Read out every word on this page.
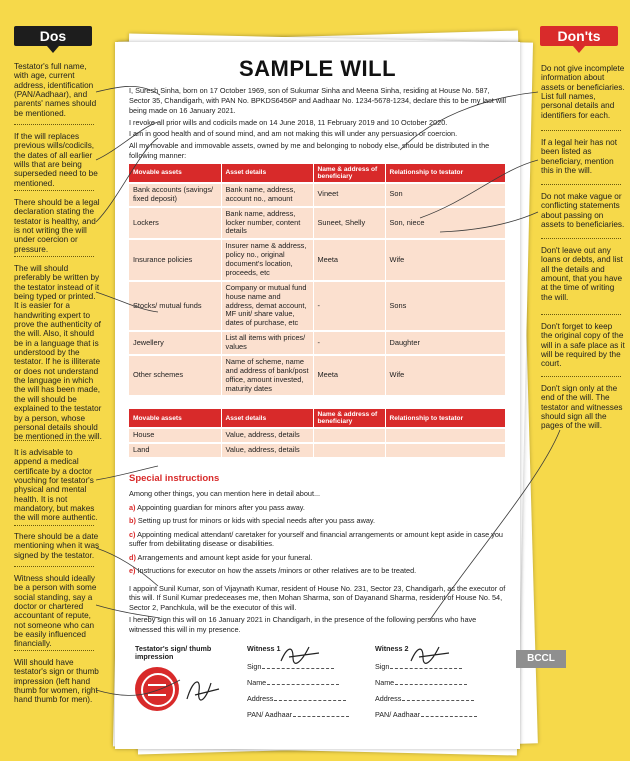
Dos	Don'ts
SAMPLE WILL

I, Suresh Sinha, born on 17 October 1969, son of Sukumar Sinha and Meena Sinha, residing at House No. 587, Sector 35, Chandigarh, with PAN No. BPKDS6456P and Aadhaar No. 1234-5678-1234, declare this to be my last will being made on 16 January 2021.

I revoke all prior wills and codicils made on 14 June 2018, 11 February 2019 and 10 October 2020.

I am in good health and of sound mind, and am not making this will under any persuasion or coercion.

All my movable and immovable assets, owned by me and belonging to nobody else, should be distributed in the following manner:

Movable assets	Asset details	Name & address of beneficiary	Relationship to testator
Bank accounts (savings/ fixed deposit)	Bank name, address, account no., amount	Vineet	Son
Lockers	Bank name, address, locker number, content details	Suneet, Shelly	Son, niece
Insurance policies	Insurer name & address, policy no., original document's location, proceeds, etc	Meeta	Wife
Stocks/ mutual funds	Company or mutual fund house name and address, demat account, MF unit/ share value, dates of purchase, etc	-	Sons
Jewellery	List all items with prices/ values	-	Daughter
Other schemes	Name of scheme, name and address of bank/post office, amount invested, maturity dates	Meeta	Wife
Movable assets	Asset details	Name & address of beneficiary	Relationship to testator
House	Value, address, details		
Land	Value, address, details		
Special instructions

Among other things, you can mention here in detail about...

a) Appointing guardian for minors after you pass away.

b) Setting up trust for minors or kids with special needs after you pass away.

c) Appointing medical attendant/ caretaker for yourself and financial arrangements or amount kept aside in case you suffer from debilitating disease or disabilities.

d) Arrangements and amount kept aside for your funeral.

e) Instructions for executor on how the assets /minors or other relatives are to be treated.

I appoint Sunil Kumar, son of Vijaynath Kumar, resident of House No. 231, Sector 23, Chandigarh, as the executor of this will. If Sunil Kumar predeceases me, then Mohan Sharma, son of Dayanand Sharma, resident of House No. 54, Sector 2, Panchkula, will be the executor of this will.

I hereby sign this will on 16 January 2021 in Chandigarh, in the presence of the following persons who have witnessed this will in my presence.

Testator's sign/ thumb impression
Witness 1
Sign
Name
Address
PAN/ Aadhaar
Witness 2
Sign
Name
Address
PAN/ Aadhaar
BCCL
Testator's full name, with age, current address, identification (PAN/Aadhaar), and parents' names should be mentioned.
If the will replaces previous wills/codicils, the dates of all earlier wills that are being superseded need to be mentioned.
There should be a legal declaration stating the testator is healthy, and is not writing the will under coercion or pressure.
The will should preferably be written by the testator instead of it being typed or printed. It is easier for a handwriting expert to prove the authenticity of the will. Also, it should be in a language that is understood by the testator. If he is illiterate or does not understand the language in which the will has been made, the will should be explained to the testator by a person, whose personal details should be mentioned in the will.
It is advisable to append a medical certificate by a doctor vouching for testator's physical and mental health. It is not mandatory, but makes the will more authentic.
There should be a date mentioning when it was signed by the testator.
Witness should ideally be a person with some social standing, say a doctor or chartered accountant of repute, not someone who can be easily influenced financially.
Will should have testator's sign or thumb impression (left hand thumb for women, right hand thumb for men).
Do not give incomplete information about assets or beneficiaries. List full names, personal details and identifiers for each.
If a legal heir has not been listed as beneficiary, mention this in the will.
Do not make vague or conflicting statements about passing on assets to beneficiaries.
Don't leave out any loans or debts, and list all the details and amount, that you have at the time of writing the will.
Don't forget to keep the original copy of the will in a safe place as it will be required by the court.
Don't sign only at the end of the will. The testator and witnesses should sign all the pages of the will.
